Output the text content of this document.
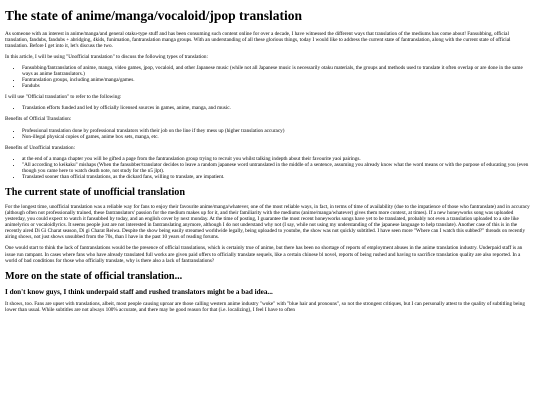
The state of anime/manga/vocaloid/jpop translation

As someone with an interest in anime/manga/and general otaku-type stuff and has been consuming such content online for over a decade, I have witnessed the different ways that translation of the mediums has come about! Fansubbing, official translation, fandubs, fandubs + abridging, 4kids, funimation, fantranslation manga groups. With an understanding of all these glorious things, today I would like to address the current state of fantranslation, along with the current state of official translation. Before I get into it, let's discuss the two.

In this article, I will be using "Unofficial translation" to discuss the following types of translation:

• Fansubbing/fantranslation of anime, manga, video games, jpop, vocaloid, and other Japanese music (while not all Japanese music is necessarily otaku materials, the groups and methods used to translate it often overlap or are done in the same ways as anime fantranslators.)
• Fantranslation groups, including anime/manga/games.
• Fandubs

I will use "Official translation" to refer to the following:

• Translation efforts funded and led by officially licensed sources in games, anime, manga, and music.

Benefits of Official Translation:

• Professional translation done by professional translators with their job on the line if they mess up (higher translation accuracy)
• Non-illegal physical copies of games, anime box sets, manga, etc.

Benefits of Unofficial translation:

• at the end of a manga chapter you will be gifted a page from the fantranslation group trying to recruit you whilst talking indepth about their favourite yaoi pairings.
• "All according to keikaku" mishaps (When the fansubber/translator decides to leave a random japanese word untranslated in the middle of a sentence, assuming you already know what the word means or with the purpose of educating you (even though you came here to watch death note, not study for the n5 jlpt).
• Translated sooner than official translations, as the dickard fans, willing to translate, are impatient.
The current state of unofficial translation

For the longest time, unofficial translation was a reliable way for fans to enjoy their favourite anime/manga/whatever, one of the most reliable ways, in fact, in terms of time of availability (due to the impatience of those who fantranslate) and in accuracy (although often not professionally trained, these fantranslators' passion for the medium makes up for it, and their familiarity with the mediums (anime/manga/whatever) gives them more context, at times). If a new honeyworks song was uploaded yesterday, you could expect to watch it fansubbed by today, and an english cover by next monday. At the time of posting, I guarantee the most recent honeyworks songs have yet to be translated, probably not even a translation uploaded to a site like animelyrics or vocaloidlyrics. It seems people just are not interested in fantranslating anymore, although I do not understand why not (I say, while not using my understanding of the japanese language to help translate). Another case of this is in the recently aired Di Gi Charat season, Di gi Charat Reiwa. Despite the show being easily streamed worldwide legally, being uploaded to youtube, the show was not quickly subtitled. I have seen more "Where can I watch this subbed?" threads on recently airing shows, not just shows unsubbed from the 70s, than I have in the past 10 years of reading forums.

One would start to think the lack of fantranslations would be the presence of official translations, which is certainly true of anime, but there has been no shortage of reports of employment abuses in the anime translation industry. Underpaid staff is an issue run rampant. In cases where fans who have already translated full works are given paid offers to officially translate sequels, like a certain chinese bl novel, reports of being rushed and having to sacrifice translation quality are also reported. In a world of bad conditions for those who officially translate, why is there also a lack of fantranslations?

More on the state of official translation...
I don't know guys, I think underpaid staff and rushed translators might be a bad idea...

It shows, too. Fans are upset with translations, albeit, most people causing uproar are those calling western anime industry "woke" with "blue hair and pronouns", so not the strongest critiques, but I can personally attest to the quality of subtitling being lower than usual. While subtitles are not always 100% accurate, and there may be good reason for that (i.e. localizing), I feel I have to often
